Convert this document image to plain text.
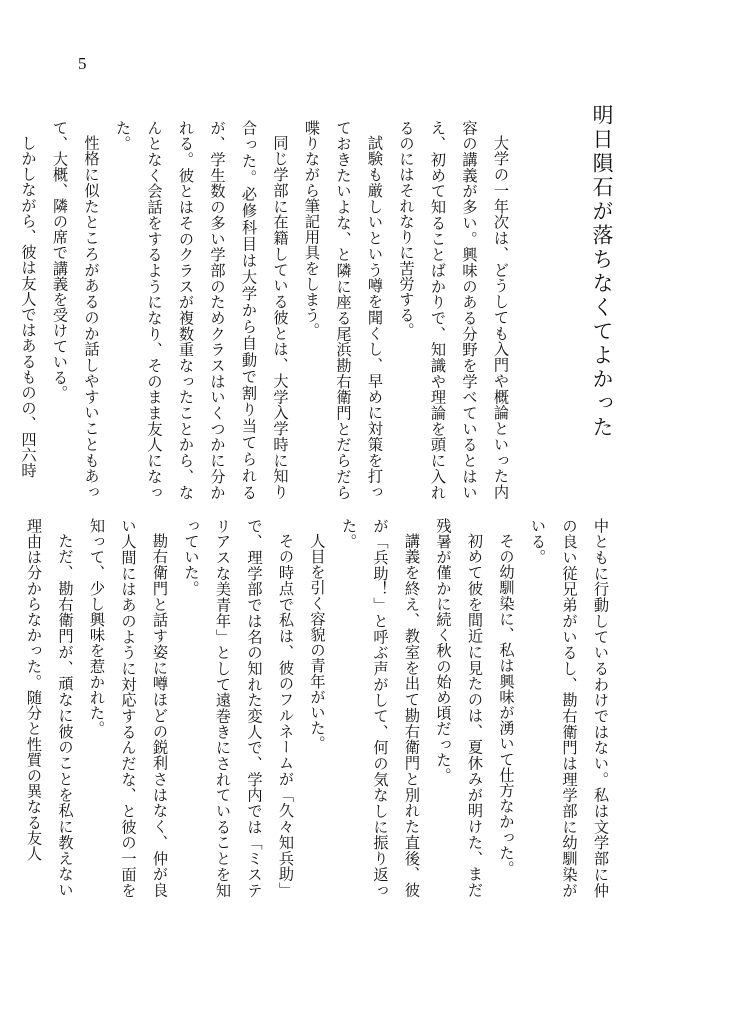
5
明日隕石が落ちなくてよかった
大学の一年次は、どうしても入門や概論といった内容の講義が多い。興味のある分野を学べているとはいえ、初めて知ることばかりで、知識や理論を頭に入れるのにはそれなりに苦労する。
試験も厳しいという噂を聞くし、早めに対策を打っておきたいよな、と隣に座る尾浜勘右衛門とだらだら喋りながら筆記用具をしまう。
同じ学部に在籍している彼とは、大学入学時に知り合った。必修科目は大学から自動で割り当てられるが、学生数の多い学部のためクラスはいくつかに分かれる。彼とはそのクラスが複数重なったことから、なんとなく会話をするようになり、そのまま友人になった。
性格に似たところがあるのか話しやすいこともあって、大概、隣の席で講義を受けている。
しかしながら、彼は友人ではあるものの、四六時
中ともに行動しているわけではない。私は文学部に仲の良い従兄弟がいるし、勘右衛門は理学部に幼馴染がいる。
その幼馴染に、私は興味が湧いて仕方なかった。
初めて彼を間近に見たのは、夏休みが明けた、まだ残暑が僅かに続く秋の始め頃だった。
講義を終え、教室を出て勘右衛門と別れた直後、彼が「兵助！」と呼ぶ声がして、何の気なしに振り返った。
人目を引く容貌の青年がいた。
その時点で私は、彼のフルネームが「久々知兵助」で、理学部では名の知れた変人で、学内では「ミステリアスな美青年」として遠巻きにされていることを知っていた。
勘右衛門と話す姿に噂ほどの鋭利さはなく、仲が良い人間にはあのように対応するんだな、と彼の一面を知って、少し興味を惹かれた。
ただ、勘右衛門が、頑なに彼のことを私に教えない理由は分からなかった。随分と性質の異なる友人
